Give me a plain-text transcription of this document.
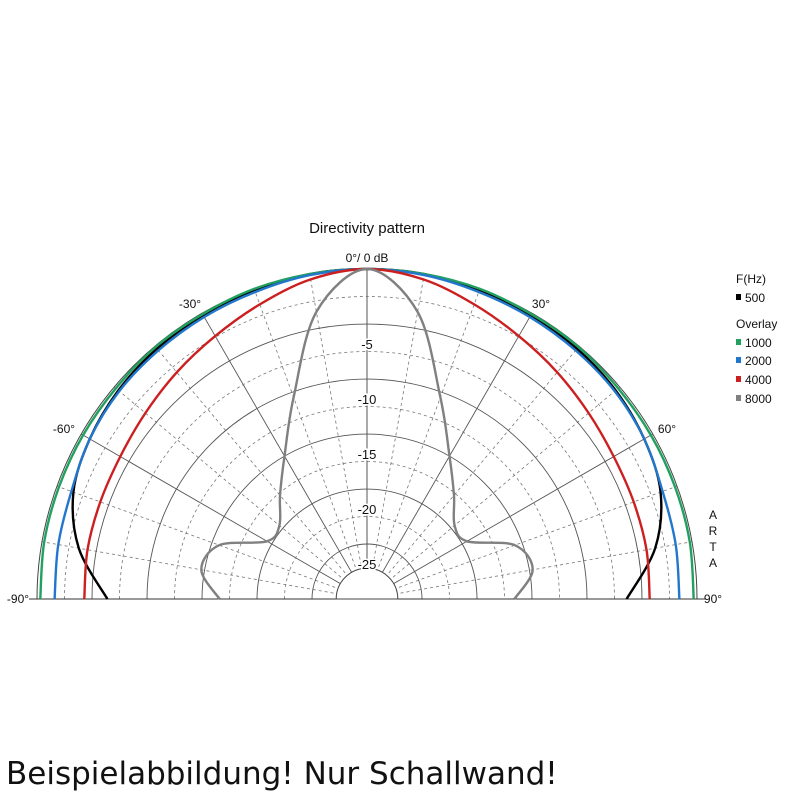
Directivity pattern
0°/ 0 dB
-90°
-60°
-30°	30°
60°
90°
-5
-10
-15
-20
-25
F(Hz)
Overlay
500
1000
2000
4000
8000
A
R
T
A
Beispielabbildung! Nur Schallwand!
